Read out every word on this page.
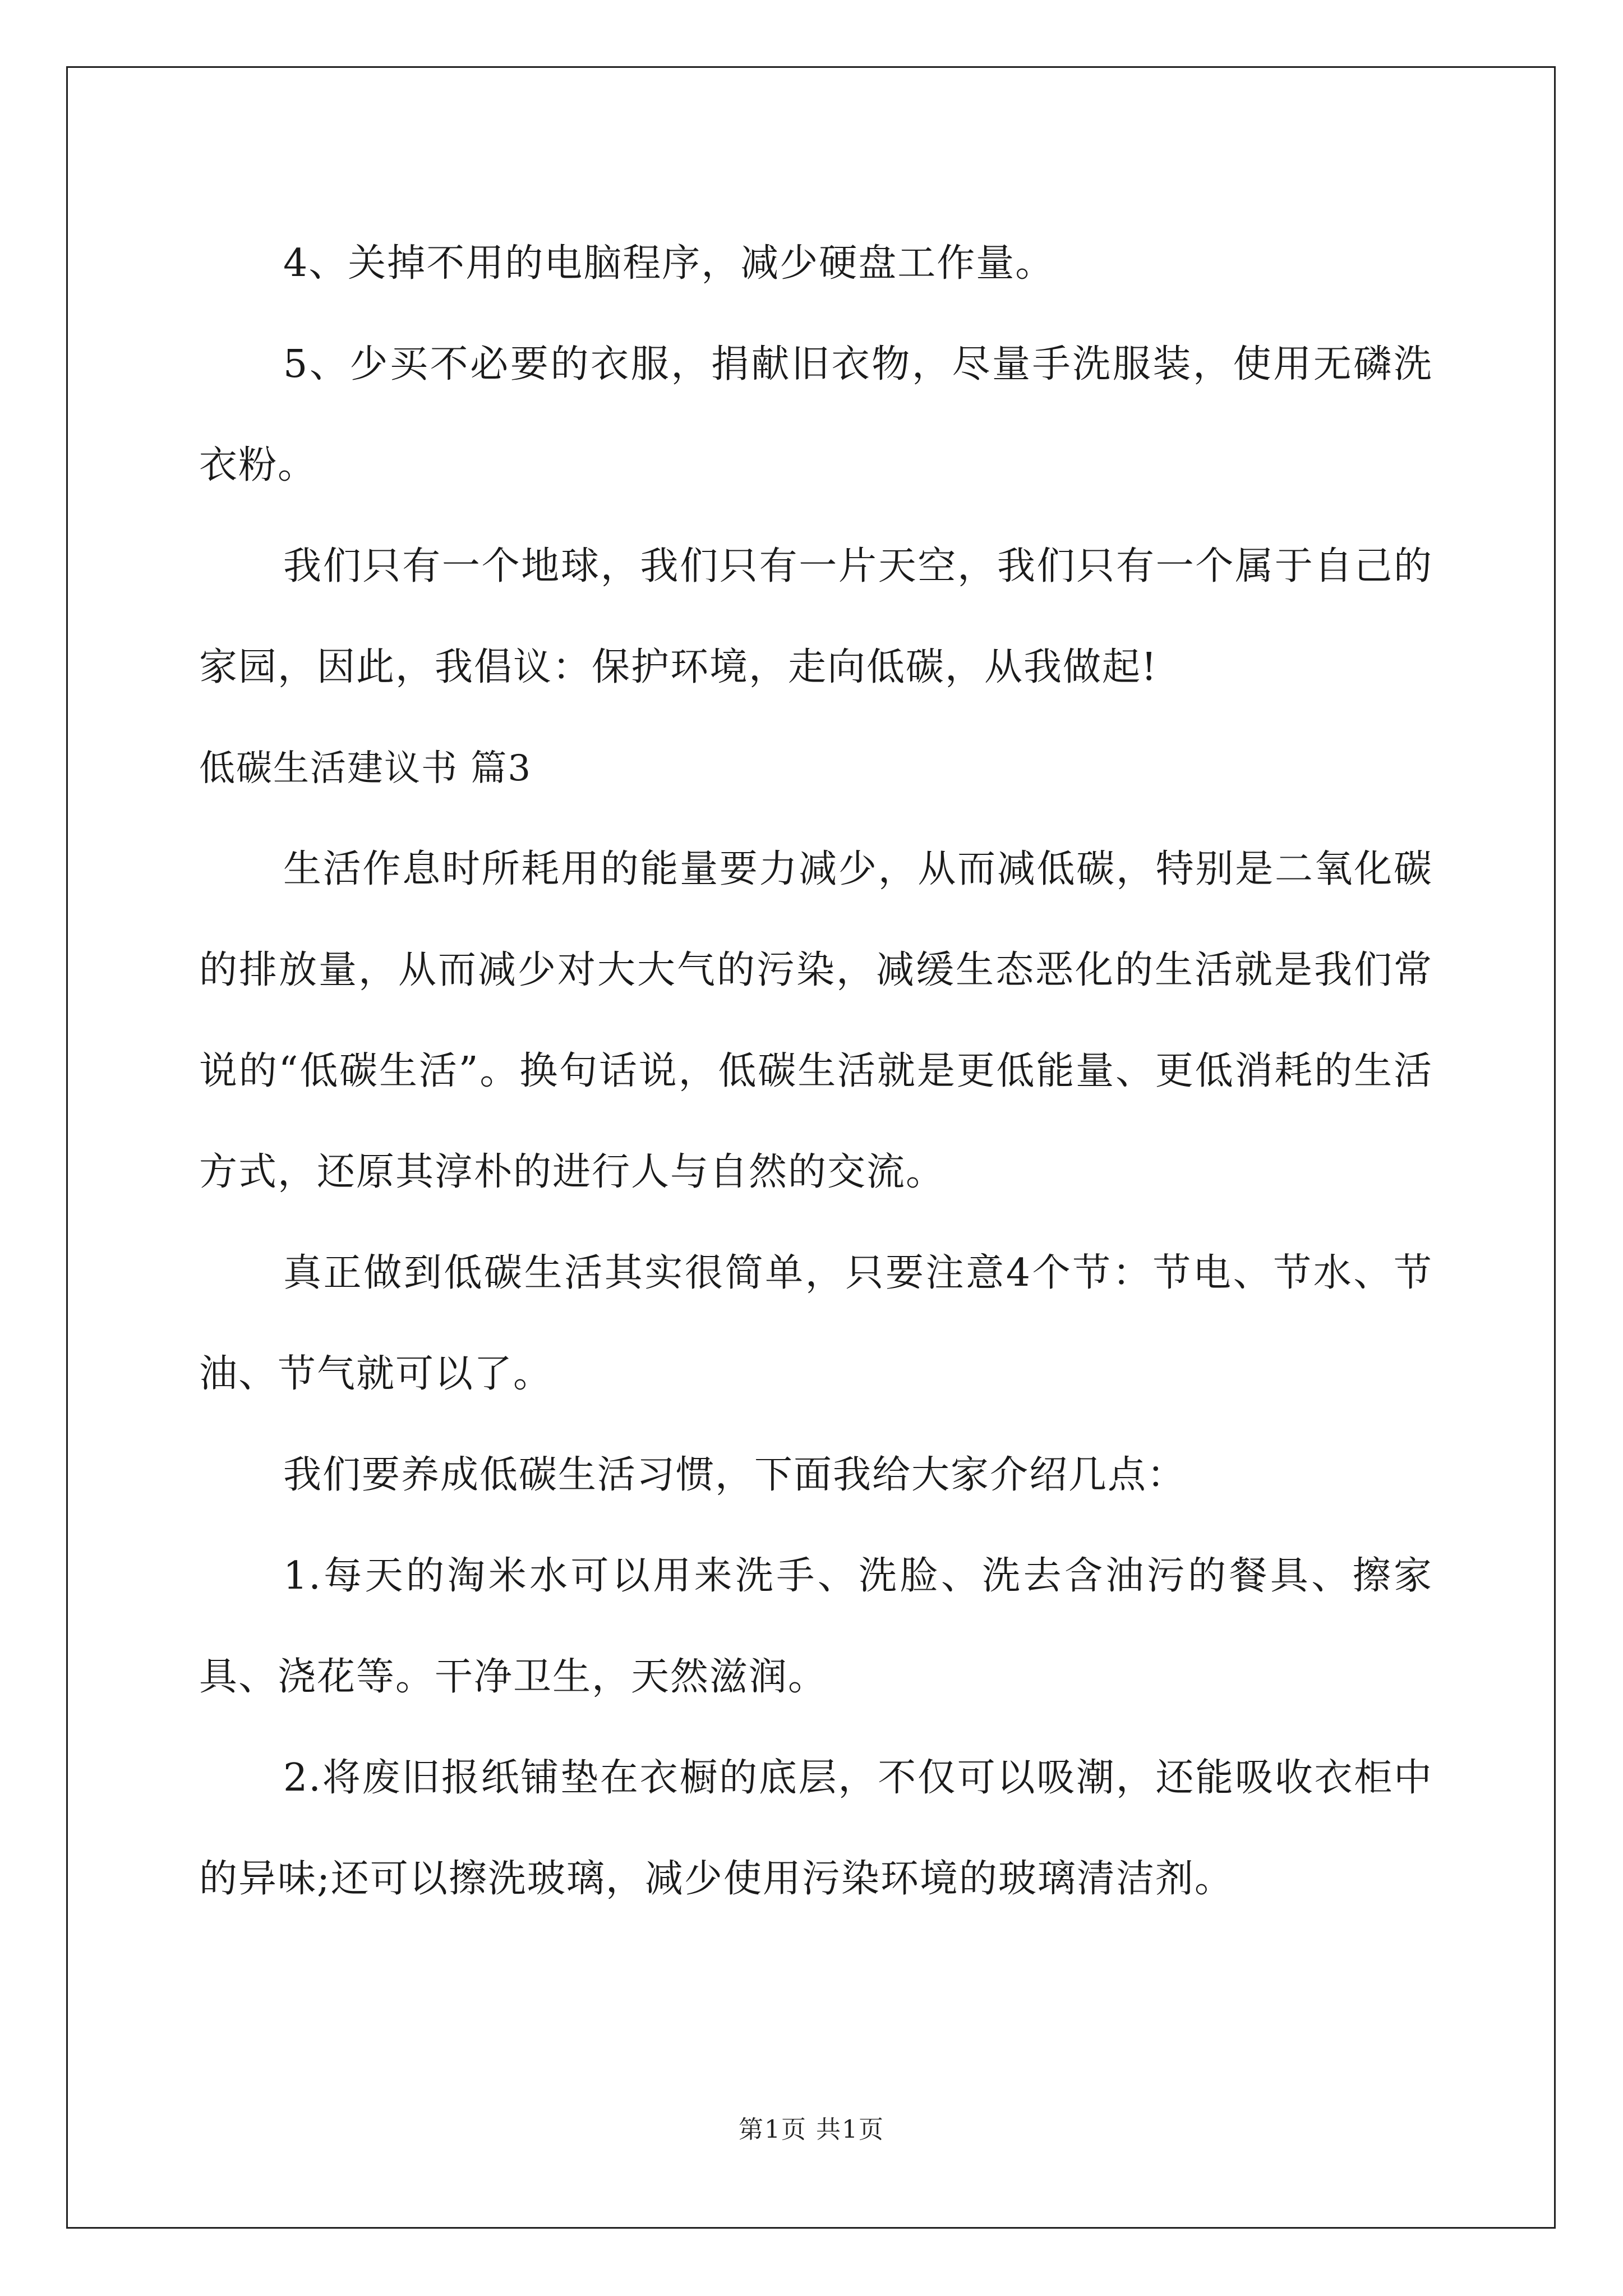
4、关掉不用的电脑程序，减少硬盘工作量。

5、少买不必要的衣服，捐献旧衣物，尽量手洗服装，使用无磷洗衣粉。

我们只有一个地球，我们只有一片天空，我们只有一个属于自己的家园，因此，我倡议：保护环境，走向低碳，从我做起!

低碳生活建议书 篇3

生活作息时所耗用的能量要力减少，从而减低碳，特别是二氧化碳的排放量，从而减少对大大气的污染，减缓生态恶化的生活就是我们常说的“低碳生活”。换句话说，低碳生活就是更低能量、更低消耗的生活方式，还原其淳朴的进行人与自然的交流。

真正做到低碳生活其实很简单，只要注意4个节：节电、节水、节油、节气就可以了。

我们要养成低碳生活习惯，下面我给大家介绍几点：

1.每天的淘米水可以用来洗手、洗脸、洗去含油污的餐具、擦家具、浇花等。干净卫生，天然滋润。

2.将废旧报纸铺垫在衣橱的底层，不仅可以吸潮，还能吸收衣柜中的异味;还可以擦洗玻璃，减少使用污染环境的玻璃清洁剂。

第1页 共1页
